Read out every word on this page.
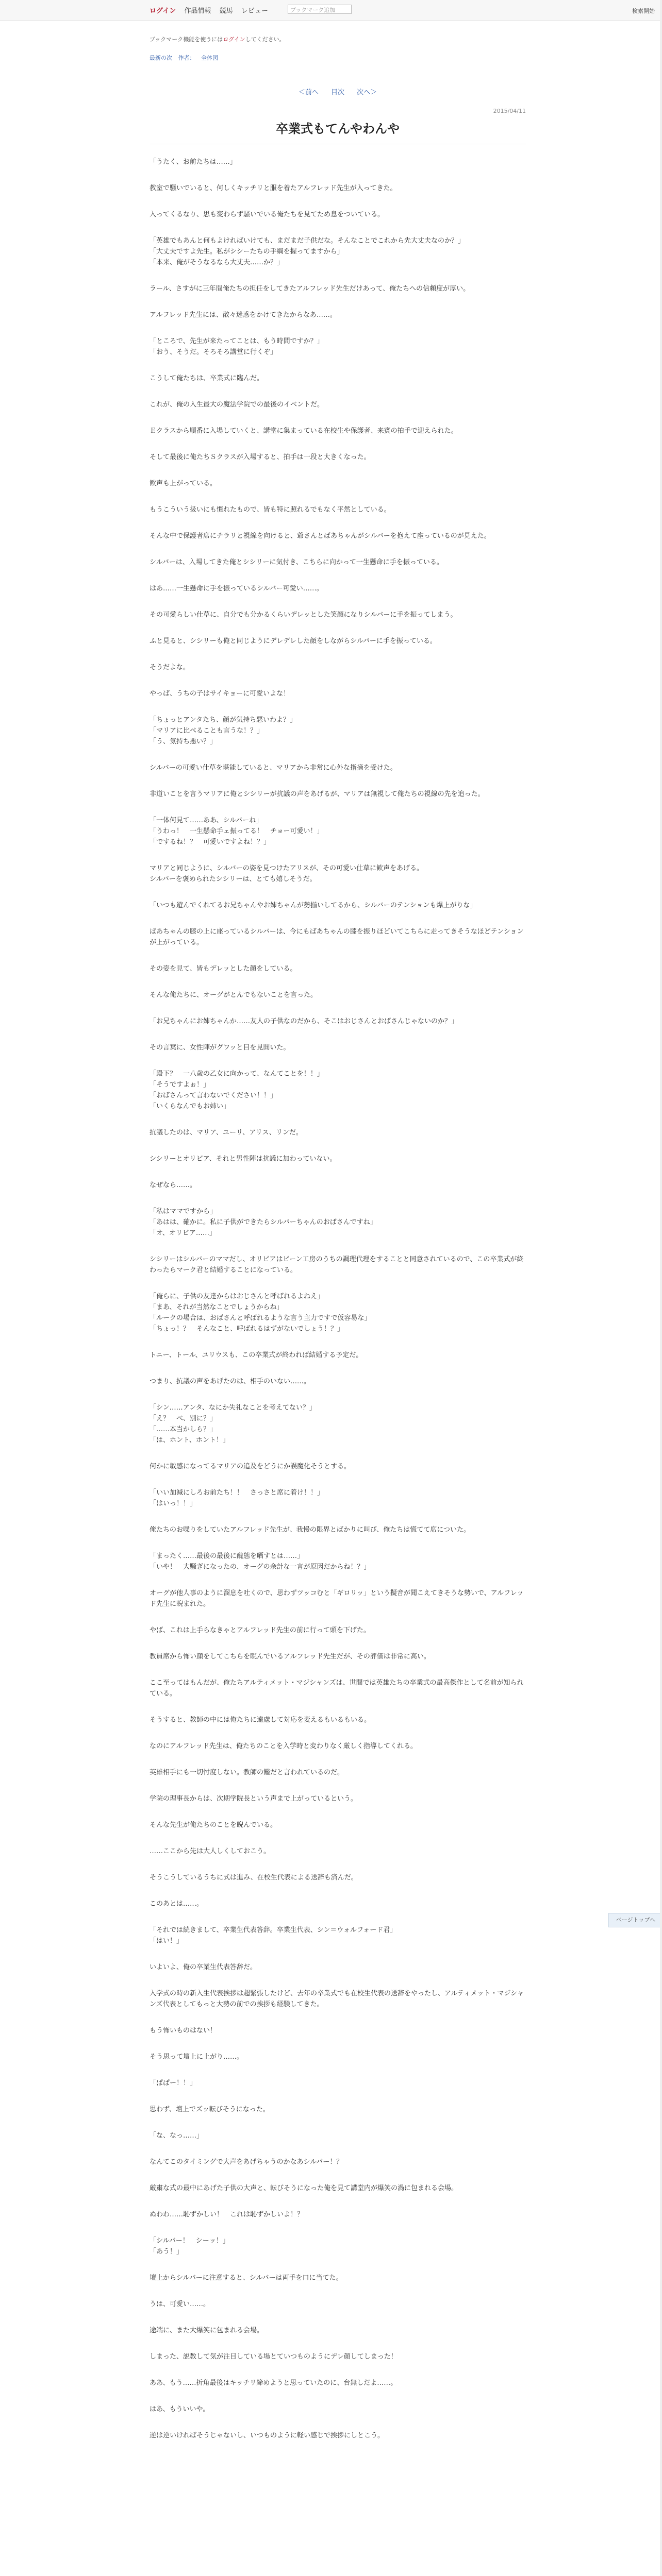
ログイン 作品情報 競馬 レビュー	ブックマーク追加	検索開始
ブックマーク機能を使うにはログインしてください。
最新の次 作者： 全体図
＜前へ 目次 次へ＞
2015/04/11
卒業式もてんやわんや

「うたく、お前たちは……」

教室で騒いでいると、何しくキッチリと服を着たアルフレッド先生が入ってきた。

入ってくるなり、思も変わらず騒いでいる俺たちを見てため息をついている。

「英雄でもあんと何もよければいけても、まだまだ子供だな。そんなことでこれから先大丈夫なのか？」
「大丈夫ですよ先生。私がシシーたちの手綱を握ってますから」
「本来、俺がそうなるなら大丈夫……か？」

ラール、さすがに三年間俺たちの担任をしてきたアルフレッド先生だけあって、俺たちへの信頼度が厚い。

アルフレッド先生には、散々迷惑をかけてきたからなあ……。

「ところで、先生が来たってことは、もう時間ですか？」
「おう、そうだ。そろそろ講堂に行くぞ」

こうして俺たちは、卒業式に臨んだ。

これが、俺の入生最大の魔法学院での最後のイベントだ。

Ｅクラスから順番に入場していくと、講堂に集まっている在校生や保護者、来賓の拍手で迎えられた。

そして最後に俺たちＳクラスが入場すると、拍手は一段と大きくなった。

歓声も上がっている。

もうこういう扱いにも慣れたもので、皆も特に照れるでもなく平然としている。

そんな中で保護者席にチラリと視線を向けると、爺さんとばあちゃんがシルバーを抱えて座っているのが見えた。

シルバーは、入場してきた俺とシシリーに気付き、こちらに向かって一生懸命に手を振っている。

はあ……一生懸命に手を振っているシルバー可愛い……。

その可愛らしい仕草に、自分でも分かるくらいデレッとした笑顔になりシルバーに手を振ってしまう。

ふと見ると、シシリーも俺と同じようにデレデレした顔をしながらシルバーに手を振っている。

そうだよな。

やっぱ、うちの子はサイキョーに可愛いよな！

「ちょっとアンタたち、顔が気持ち悪いわよ？」
「マリアに比べることも言うな！？」
「う、気持ち悪い？」

シルバーの可愛い仕草を堪能していると、マリアから非常に心外な指摘を受けた。

非道いことを言うマリアに俺とシシリーが抗議の声をあげるが、マリアは無視して俺たちの視線の先を追った。

「一体何見て……ああ、シルバーね」
「うわっ！　一生懸命手ェ振ってる！　チョー可愛い！」
「でするね！？　可愛いですよね！？」

マリアと同じように、シルバーの姿を見つけたアリスが、その可愛い仕草に歓声をあげる。
シルバーを褒められたシシリーは、とても嬉しそうだ。

「いつも遊んでくれてるお兄ちゃんやお姉ちゃんが勢揃いしてるから、シルバーのテンションも爆上がりな」

ばあちゃんの膝の上に座っているシルバーは、今にもばあちゃんの膝を振りほどいてこちらに走ってきそうなほどテンションが上がっている。

その姿を見て、皆もデレッとした顔をしている。

そんな俺たちに、オーグがとんでもないことを言った。

「お兄ちゃんにお姉ちゃんか……友人の子供なのだから、そこはおじさんとおばさんじゃないのか？」

その言葉に、女性陣がグワッと目を見開いた。

「殿下？　一八歳の乙女に向かって、なんてことを！！」
「そうですよぉ！」
「おばさんって言わないでください！！」
「いくらなんでもお姉い」

抗議したのは、マリア、ユーリ、アリス、リンだ。

シシリーとオリビア、それと男性陣は抗議に加わっていない。

なぜなら……。

「私はママですから」
「あはは、確かに。私に子供ができたらシルバーちゃんのおばさんですね」
「オ、オリビア……」

シシリーはシルバーのママだし、オリビアはビーン工房のうちの調理代理をすることと同意されているので、この卒業式が終わったらマーク君と結婚することになっている。

「俺らに、子供の友達からはおじさんと呼ばれるよねえ」
「まあ、それが当然なことでしょうからね」
「ルークの場合は、おばさんと呼ばれるような言う主力ですで仮容易な」
「ちょっ！？　そんなこと、呼ばれるはずがないでしょう！？」

トニー、トール、ユリウスも、この卒業式が終われば結婚する予定だ。

つまり、抗議の声をあげたのは、相手のいない……。

「シン……アンタ、なにか失礼なことを考えてない？」
「え？　べ、別に？」
「……本当かしら？」
「は、ホント、ホント！」

何かに敏感になってるマリアの追及をどうにか誤魔化そうとする。

「いい加減にしろお前たち！！　さっさと席に着け！！」
「はいっ！！」

俺たちのお喋りをしていたアルフレッド先生が、我慢の限界とばかりに叫び、俺たちは慌てて席についた。

「まったく……最後の最後に醜態を晒すとは……」
「いや！　大騒ぎになったの、オーグの余計な一言が原因だからね！？」

オーグが他人事のように溜息を吐くので、思わずツッコむと「ギロリッ」という擬音が聞こえてきそうな勢いで、アルフレッド先生に睨まれた。

やば、これは上手らなきゃとアルフレッド先生の前に行って頭を下げた。

教員席から怖い顔をしてこちらを睨んでいるアルフレッド先生だが、その評価は非常に高い。

ここ至ってはもんだが、俺たちアルティメット・マジシャンズは、世間では英雄たちの卒業式の最高傑作として名前が知られている。

そうすると、教師の中には俺たちに遠慮して対応を変えるもいるもいる。

なのにアルフレッド先生は、俺たちのことを入学時と変わりなく厳しく指導してくれる。

英雄相手にも一切忖度しない。教師の鑑だと言われているのだ。

学院の理事長からは、次期学院長という声まで上がっているという。

そんな先生が俺たちのことを睨んでいる。

……ここから先は大人しくしておこう。

そうこうしているうちに式は進み、在校生代表による送辞も済んだ。

このあとは……。

「それでは続きまして、卒業生代表答辞。卒業生代表、シン＝ウォルフォード君」
「はい！」

いよいよ、俺の卒業生代表答辞だ。

入学式の時の新入生代表挨拶は超緊張したけど、去年の卒業式でも在校生代表の送辞をやったし、アルティメット・マジシャンズ代表としてもっと大勢の前での挨拶も経験してきた。

もう怖いものはない！

そう思って壇上に上がり……。

「ぱぱー！！」

思わず、壇上でズッ転びそうになった。

「な、なっ……」

なんてこのタイミングで大声をあげちゃうのかなあシルバー！？

厳粛な式の最中にあげた子供の大声と、転びそうになった俺を見て講堂内が爆笑の渦に包まれる会場。

ぬわわ……恥ずかしい！　これは恥ずかしいよ！？

「シルバー！　シーッ！」
「あう！」

壇上からシルバーに注意すると、シルバーは両手を口に当てた。

うは、可愛い……。

途端に、また大爆笑に包まれる会場。

しまった、説教して気が注目している場とていつものようにデレ顔してしまった！

ああ、もう……折角最後はキッチリ締めようと思っていたのに、台無しだよ……。

はあ、もういいや。

逆は逆いければそうじゃないし、いつものように軽い感じで挨拶にしとこう。

ページトップへ
